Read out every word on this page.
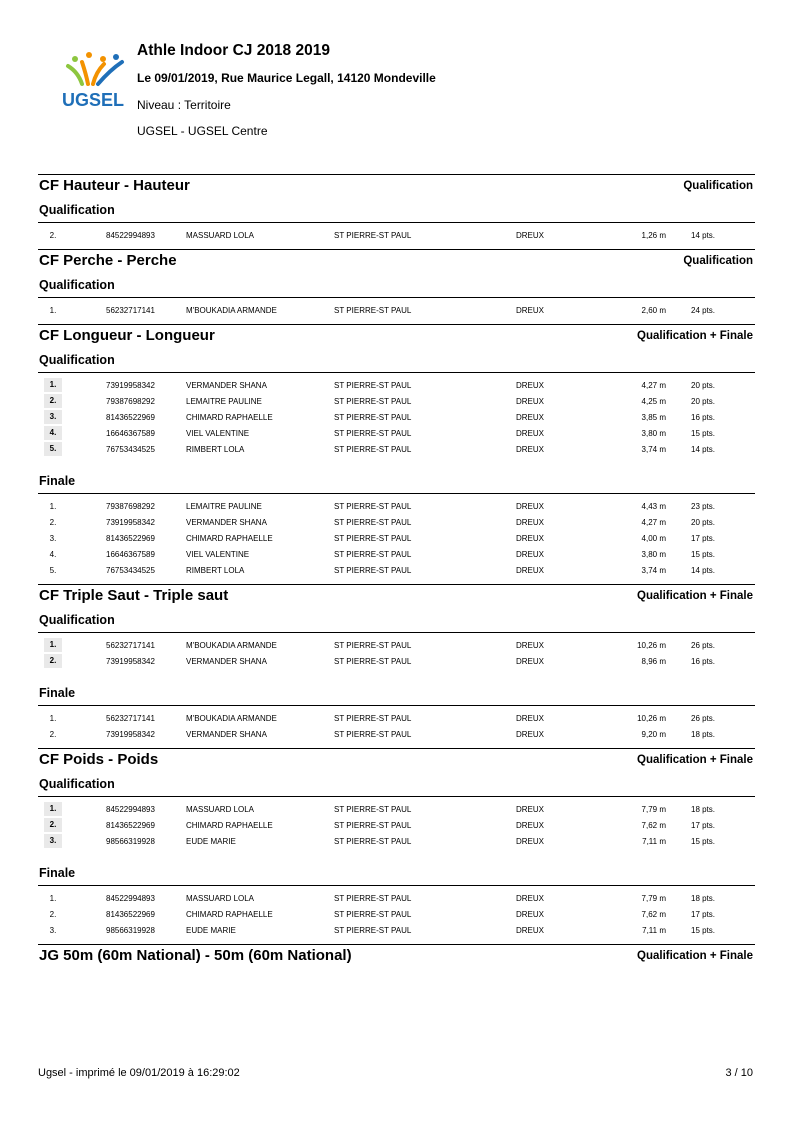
UGSEL
Athle Indoor CJ 2018 2019
Le 09/01/2019, Rue Maurice Legall, 14120 Mondeville
Niveau : Territoire
UGSEL - UGSEL Centre
CF Hauteur - Hauteur	Qualification
Qualification
2.	84522994893	MASSUARD LOLA	ST PIERRE-ST PAUL	DREUX	1,26 m	14 pts.
CF Perche - Perche	Qualification
Qualification
1.	56232717141	M'BOUKADIA ARMANDE	ST PIERRE-ST PAUL	DREUX	2,60 m	24 pts.
CF Longueur - Longueur	Qualification + Finale
Qualification
1.	73919958342	VERMANDER SHANA	ST PIERRE-ST PAUL	DREUX	4,27 m	20 pts.
2.	79387698292	LEMAITRE PAULINE	ST PIERRE-ST PAUL	DREUX	4,25 m	20 pts.
3.	81436522969	CHIMARD RAPHAELLE	ST PIERRE-ST PAUL	DREUX	3,85 m	16 pts.
4.	16646367589	VIEL VALENTINE	ST PIERRE-ST PAUL	DREUX	3,80 m	15 pts.
5.	76753434525	RIMBERT LOLA	ST PIERRE-ST PAUL	DREUX	3,74 m	14 pts.
Finale
1.	79387698292	LEMAITRE PAULINE	ST PIERRE-ST PAUL	DREUX	4,43 m	23 pts.
2.	73919958342	VERMANDER SHANA	ST PIERRE-ST PAUL	DREUX	4,27 m	20 pts.
3.	81436522969	CHIMARD RAPHAELLE	ST PIERRE-ST PAUL	DREUX	4,00 m	17 pts.
4.	16646367589	VIEL VALENTINE	ST PIERRE-ST PAUL	DREUX	3,80 m	15 pts.
5.	76753434525	RIMBERT LOLA	ST PIERRE-ST PAUL	DREUX	3,74 m	14 pts.
CF Triple Saut - Triple saut	Qualification + Finale
Qualification
1.	56232717141	M'BOUKADIA ARMANDE	ST PIERRE-ST PAUL	DREUX	10,26 m	26 pts.
2.	73919958342	VERMANDER SHANA	ST PIERRE-ST PAUL	DREUX	8,96 m	16 pts.
Finale
1.	56232717141	M'BOUKADIA ARMANDE	ST PIERRE-ST PAUL	DREUX	10,26 m	26 pts.
2.	73919958342	VERMANDER SHANA	ST PIERRE-ST PAUL	DREUX	9,20 m	18 pts.
CF Poids - Poids	Qualification + Finale
Qualification
1.	84522994893	MASSUARD LOLA	ST PIERRE-ST PAUL	DREUX	7,79 m	18 pts.
2.	81436522969	CHIMARD RAPHAELLE	ST PIERRE-ST PAUL	DREUX	7,62 m	17 pts.
3.	98566319928	EUDE MARIE	ST PIERRE-ST PAUL	DREUX	7,11 m	15 pts.
Finale
1.	84522994893	MASSUARD LOLA	ST PIERRE-ST PAUL	DREUX	7,79 m	18 pts.
2.	81436522969	CHIMARD RAPHAELLE	ST PIERRE-ST PAUL	DREUX	7,62 m	17 pts.
3.	98566319928	EUDE MARIE	ST PIERRE-ST PAUL	DREUX	7,11 m	15 pts.
JG 50m (60m National) - 50m (60m National)	Qualification + Finale
Ugsel - imprimé le 09/01/2019 à 16:29:02	3 / 10
